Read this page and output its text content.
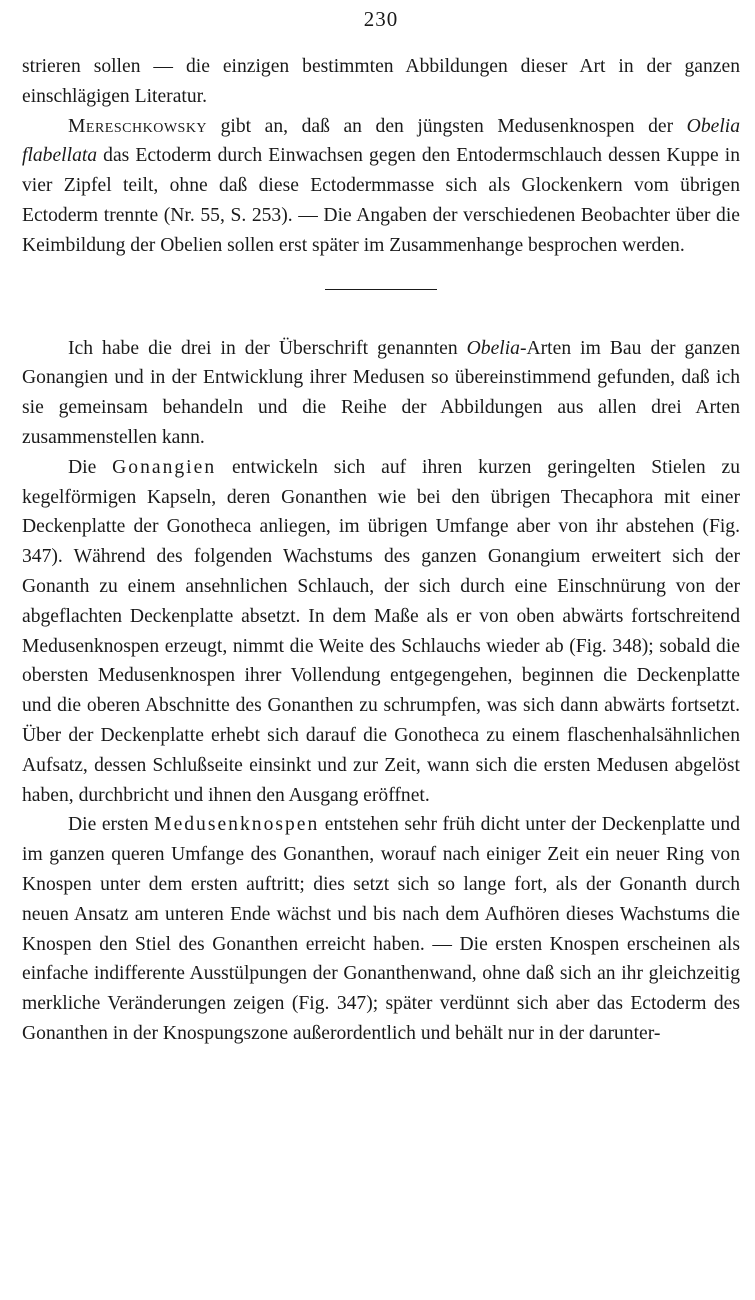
230

strieren sollen — die einzigen bestimmten Abbildungen dieser Art in der ganzen einschlägigen Literatur.

Mereschkowsky gibt an, daß an den jüngsten Medusenknospen der Obelia flabellata das Ectoderm durch Einwachsen gegen den Entodermschlauch dessen Kuppe in vier Zipfel teilt, ohne daß diese Ectodermmasse sich als Glockenkern vom übrigen Ectoderm trennte (Nr. 55, S. 253). — Die Angaben der verschiedenen Beobachter über die Keimbildung der Obelien sollen erst später im Zusammenhange besprochen werden.

Ich habe die drei in der Überschrift genannten Obelia-Arten im Bau der ganzen Gonangien und in der Entwicklung ihrer Medusen so übereinstimmend gefunden, daß ich sie gemeinsam behandeln und die Reihe der Abbildungen aus allen drei Arten zusammenstellen kann.

Die Gonangien entwickeln sich auf ihren kurzen geringelten Stielen zu kegelförmigen Kapseln, deren Gonanthen wie bei den übrigen Thecaphora mit einer Deckenplatte der Gonotheca anliegen, im übrigen Umfange aber von ihr abstehen (Fig. 347). Während des folgenden Wachstums des ganzen Gonangium erweitert sich der Gonanth zu einem ansehnlichen Schlauch, der sich durch eine Einschnürung von der abgeflachten Deckenplatte absetzt. In dem Maße als er von oben abwärts fortschreitend Medusenknospen erzeugt, nimmt die Weite des Schlauchs wieder ab (Fig. 348); sobald die obersten Medusenknospen ihrer Vollendung entgegengehen, beginnen die Deckenplatte und die oberen Abschnitte des Gonanthen zu schrumpfen, was sich dann abwärts fortsetzt. Über der Deckenplatte erhebt sich darauf die Gonotheca zu einem flaschenhalsähnlichen Aufsatz, dessen Schlußseite einsinkt und zur Zeit, wann sich die ersten Medusen abgelöst haben, durchbricht und ihnen den Ausgang eröffnet.

Die ersten Medusenknospen entstehen sehr früh dicht unter der Deckenplatte und im ganzen queren Umfange des Gonanthen, worauf nach einiger Zeit ein neuer Ring von Knospen unter dem ersten auftritt; dies setzt sich so lange fort, als der Gonanth durch neuen Ansatz am unteren Ende wächst und bis nach dem Aufhören dieses Wachstums die Knospen den Stiel des Gonanthen erreicht haben. — Die ersten Knospen erscheinen als einfache indifferente Ausstülpungen der Gonanthenwand, ohne daß sich an ihr gleichzeitig merkliche Veränderungen zeigen (Fig. 347); später verdünnt sich aber das Ectoderm des Gonanthen in der Knospungszone außerordentlich und behält nur in der darunter-
